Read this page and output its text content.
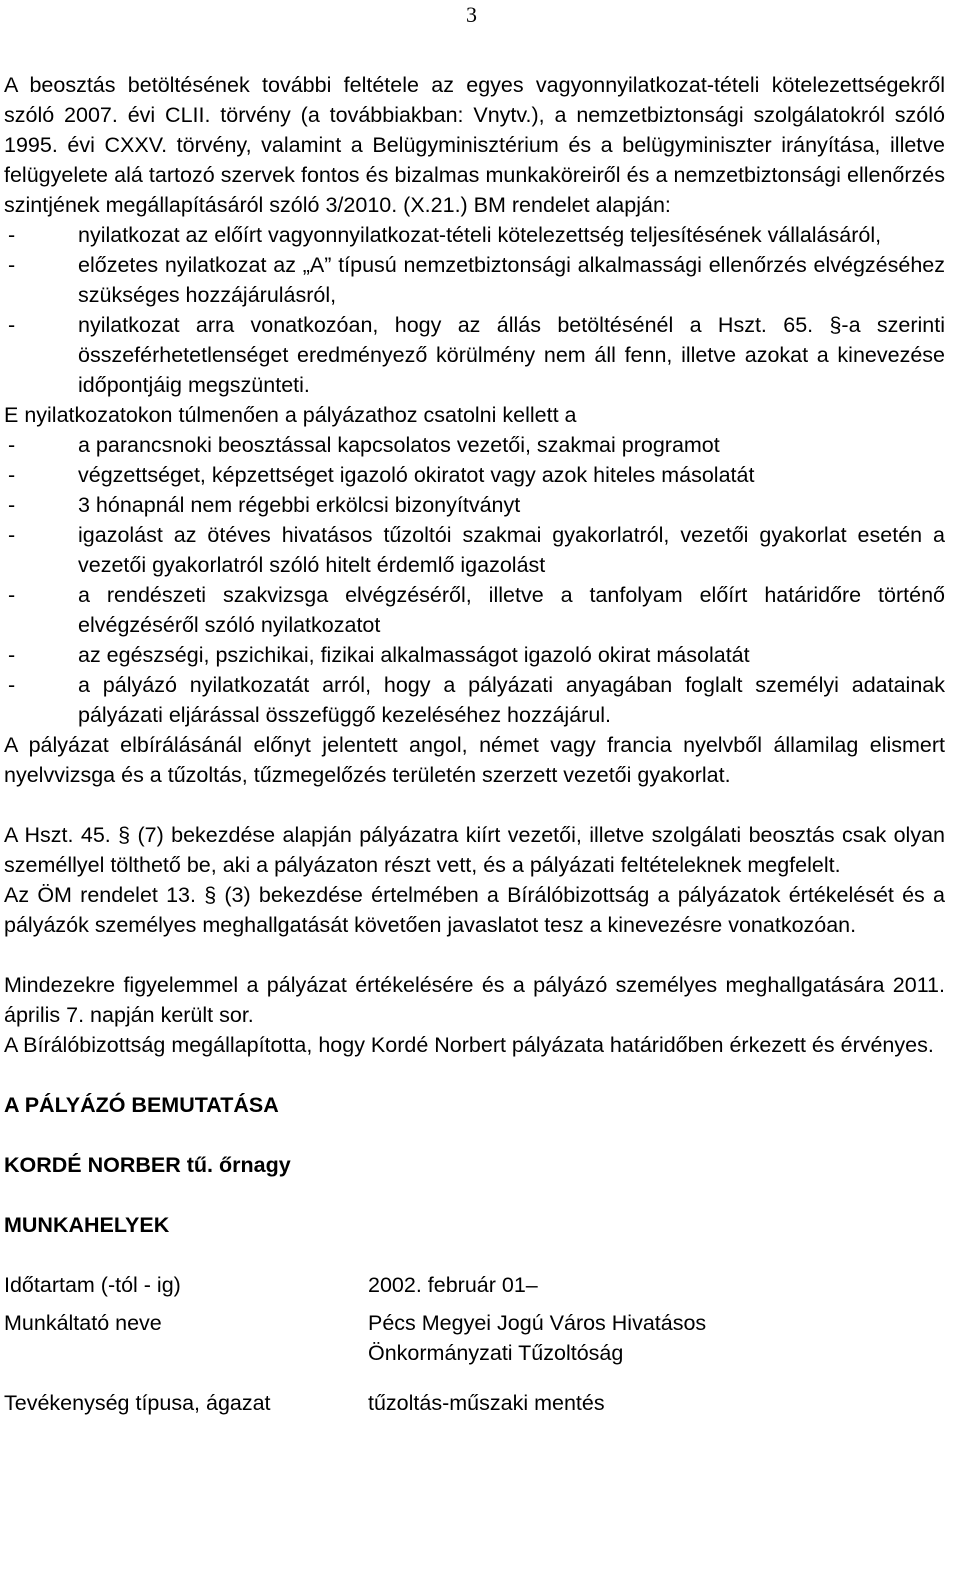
3

A beosztás betöltésének további feltétele az egyes vagyonnyilatkozat-tételi kötelezettségekről szóló 2007. évi CLII. törvény (a továbbiakban: Vnytv.), a nemzetbiztonsági szolgálatokról szóló 1995. évi CXXV. törvény, valamint a Belügyminisztérium és a belügyminiszter irányítása, illetve felügyelete alá tartozó szervek fontos és bizalmas munkaköreiről és a nemzetbiztonsági ellenőrzés szintjének megállapításáról szóló 3/2010. (X.21.) BM rendelet alapján:

- nyilatkozat az előírt vagyonnyilatkozat-tételi kötelezettség teljesítésének vállalásáról,
- előzetes nyilatkozat az „A” típusú nemzetbiztonsági alkalmassági ellenőrzés elvégzéséhez szükséges hozzájárulásról,
- nyilatkozat arra vonatkozóan, hogy az állás betöltésénél a Hszt. 65. §-a szerinti összeférhetetlenséget eredményező körülmény nem áll fenn, illetve azokat a kinevezése időpontjáig megszünteti.

E nyilatkozatokon túlmenően a pályázathoz csatolni kellett a

- a parancsnoki beosztással kapcsolatos vezetői, szakmai programot
- végzettséget, képzettséget igazoló okiratot vagy azok hiteles másolatát
- 3 hónapnál nem régebbi erkölcsi bizonyítványt
- igazolást az ötéves hivatásos tűzoltói szakmai gyakorlatról, vezetői gyakorlat esetén a vezetői gyakorlatról szóló hitelt érdemlő igazolást
- a rendészeti szakvizsga elvégzéséről, illetve a tanfolyam előírt határidőre történő elvégzéséről szóló nyilatkozatot
- az egészségi, pszichikai, fizikai alkalmasságot igazoló okirat másolatát
- a pályázó nyilatkozatát arról, hogy a pályázati anyagában foglalt személyi adatainak pályázati eljárással összefüggő kezeléséhez hozzájárul.

A pályázat elbírálásánál előnyt jelentett angol, német vagy francia nyelvből államilag elismert nyelvvizsga és a tűzoltás, tűzmegelőzés területén szerzett vezetői gyakorlat.

A Hszt. 45. § (7) bekezdése alapján pályázatra kiírt vezetői, illetve szolgálati beosztás csak olyan személlyel tölthető be, aki a pályázaton részt vett, és a pályázati feltételeknek megfelelt.

Az ÖM rendelet 13. § (3) bekezdése értelmében a Bírálóbizottság a pályázatok értékelését és a pályázók személyes meghallgatását követően javaslatot tesz a kinevezésre vonatkozóan.

Mindezekre figyelemmel a pályázat értékelésére és a pályázó személyes meghallgatására 2011. április 7. napján került sor.

A Bírálóbizottság megállapította, hogy Kordé Norbert pályázata határidőben érkezett és érvényes.

A PÁLYÁZÓ BEMUTATÁSA
KORDÉ NORBER tű. őrnagy
MUNKAHELYEK
Időtartam (-tól - ig)	2002. február 01–

Munkáltató neve	Pécs Megyei Jogú Város Hivatásos Önkormányzati Tűzoltóság

Tevékenység típusa, ágazat	tűzoltás-műszaki mentés
